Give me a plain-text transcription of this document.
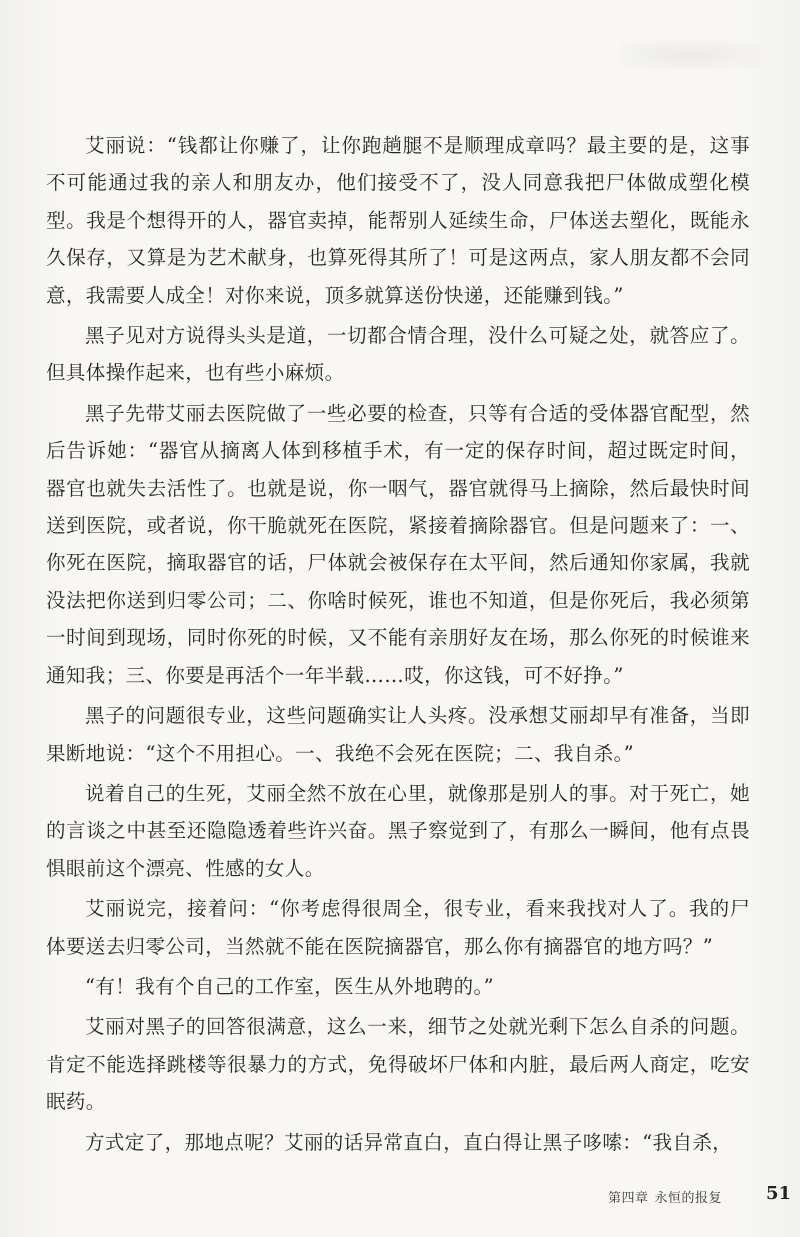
艾丽说：“钱都让你赚了，让你跑趟腿不是顺理成章吗？最主要的是，这事不可能通过我的亲人和朋友办，他们接受不了，没人同意我把尸体做成塑化模型。我是个想得开的人，器官卖掉，能帮别人延续生命，尸体送去塑化，既能永久保存，又算是为艺术献身，也算死得其所了！可是这两点，家人朋友都不会同意，我需要人成全！对你来说，顶多就算送份快递，还能赚到钱。”

黑子见对方说得头头是道，一切都合情合理，没什么可疑之处，就答应了。但具体操作起来，也有些小麻烦。

黑子先带艾丽去医院做了一些必要的检查，只等有合适的受体器官配型，然后告诉她：“器官从摘离人体到移植手术，有一定的保存时间，超过既定时间，器官也就失去活性了。也就是说，你一咽气，器官就得马上摘除，然后最快时间送到医院，或者说，你干脆就死在医院，紧接着摘除器官。但是问题来了：一、你死在医院，摘取器官的话，尸体就会被保存在太平间，然后通知你家属，我就没法把你送到归零公司；二、你啥时候死，谁也不知道，但是你死后，我必须第一时间到现场，同时你死的时候，又不能有亲朋好友在场，那么你死的时候谁来通知我；三、你要是再活个一年半载……哎，你这钱，可不好挣。”

黑子的问题很专业，这些问题确实让人头疼。没承想艾丽却早有准备，当即果断地说：“这个不用担心。一、我绝不会死在医院；二、我自杀。”

说着自己的生死，艾丽全然不放在心里，就像那是别人的事。对于死亡，她的言谈之中甚至还隐隐透着些许兴奋。黑子察觉到了，有那么一瞬间，他有点畏惧眼前这个漂亮、性感的女人。

艾丽说完，接着问：“你考虑得很周全，很专业，看来我找对人了。我的尸体要送去归零公司，当然就不能在医院摘器官，那么你有摘器官的地方吗？”

“有！我有个自己的工作室，医生从外地聘的。”

艾丽对黑子的回答很满意，这么一来，细节之处就光剩下怎么自杀的问题。肯定不能选择跳楼等很暴力的方式，免得破坏尸体和内脏，最后两人商定，吃安眠药。

方式定了，那地点呢？艾丽的话异常直白，直白得让黑子哆嗦：“我自杀，

第四章 永恒的报复 51
